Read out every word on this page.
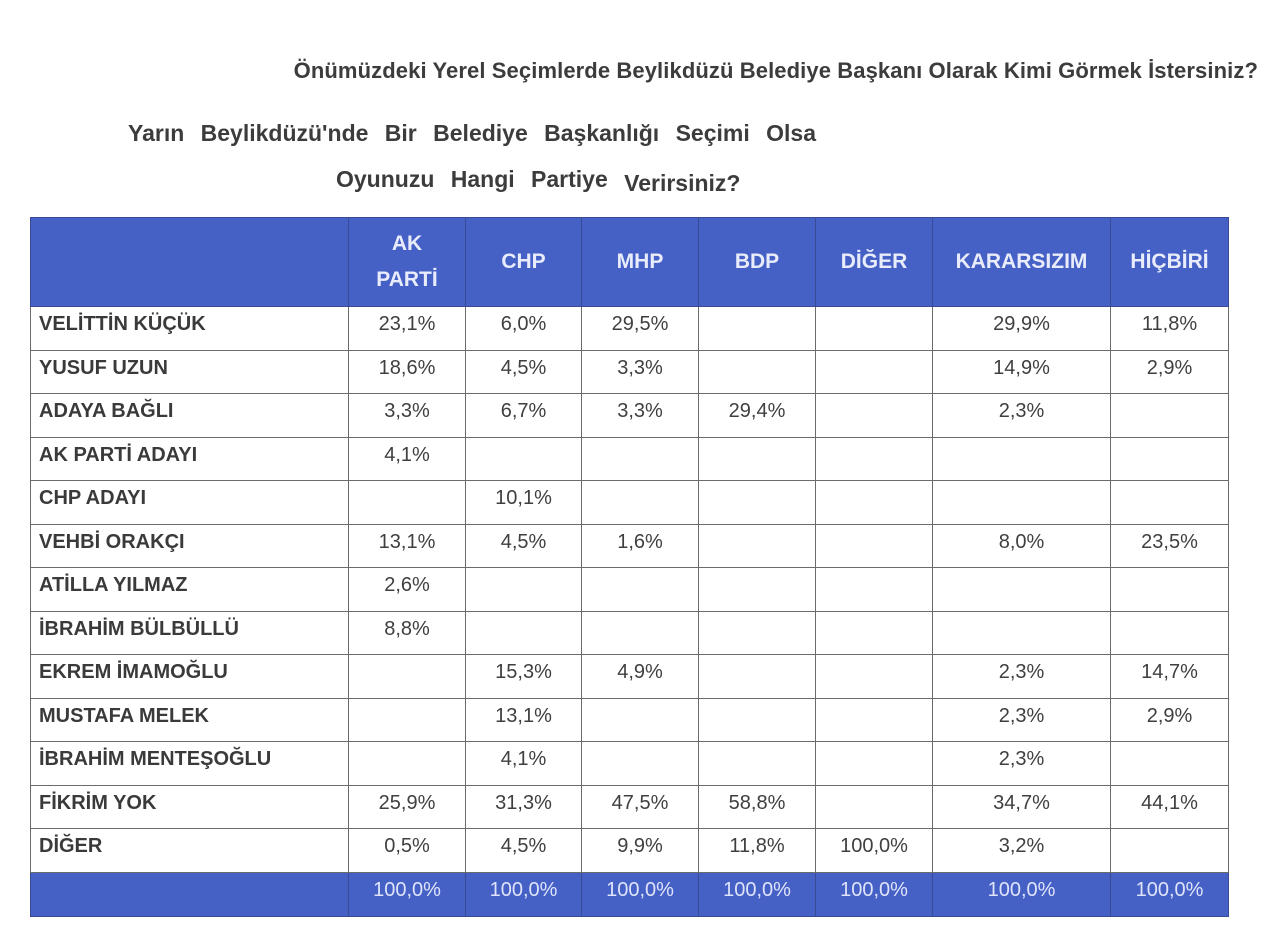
Önümüzdeki Yerel Seçimlerde Beylikdüzü Belediye Başkanı Olarak Kimi Görmek İstersiniz?
Yarın Beylikdüzü'nde Bir Belediye Başkanlığı Seçimi Olsa
Oyunuzu Hangi Partiye Verirsiniz?

	AK
PARTİ	CHP	MHP	BDP	DİĞER	KARARSIZIM	HİÇBİRİ
VELİTTİN KÜÇÜK	23,1%	6,0%	29,5%			29,9%	11,8%
YUSUF UZUN	18,6%	4,5%	3,3%			14,9%	2,9%
ADAYA BAĞLI	3,3%	6,7%	3,3%	29,4%		2,3%	
AK PARTİ ADAYI	4,1%						
CHP ADAYI		10,1%					
VEHBİ ORAKÇI	13,1%	4,5%	1,6%			8,0%	23,5%
ATİLLA YILMAZ	2,6%						
İBRAHİM BÜLBÜLLÜ	8,8%						
EKREM İMAMOĞLU		15,3%	4,9%			2,3%	14,7%
MUSTAFA MELEK		13,1%				2,3%	2,9%
İBRAHİM MENTEŞOĞLU		4,1%				2,3%	
FİKRİM YOK	25,9%	31,3%	47,5%	58,8%		34,7%	44,1%
DİĞER	0,5%	4,5%	9,9%	11,8%	100,0%	3,2%	
	100,0%	100,0%	100,0%	100,0%	100,0%	100,0%	100,0%
